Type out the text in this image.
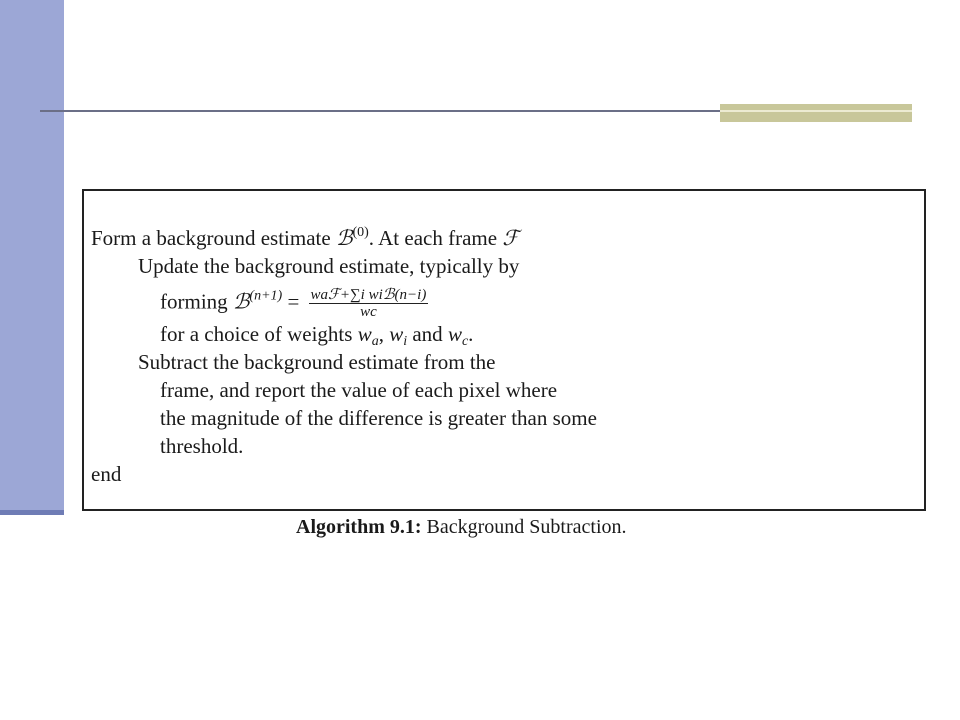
Form a background estimate ℬ$^{(0)}$. At each frame ℱ
Update the background estimate, typically by
forming ℬ$^{(n+1)}$ = $\frac{\text{waℱ+∑i wiℬ(n−i)}}{wc}$
for a choice of weights $w_a$, $w_i$ and $w_c$.
Subtract the background estimate from the
frame, and report the value of each pixel where
the magnitude of the difference is greater than some
threshold.
end
Algorithm 9.1: Background Subtraction.
